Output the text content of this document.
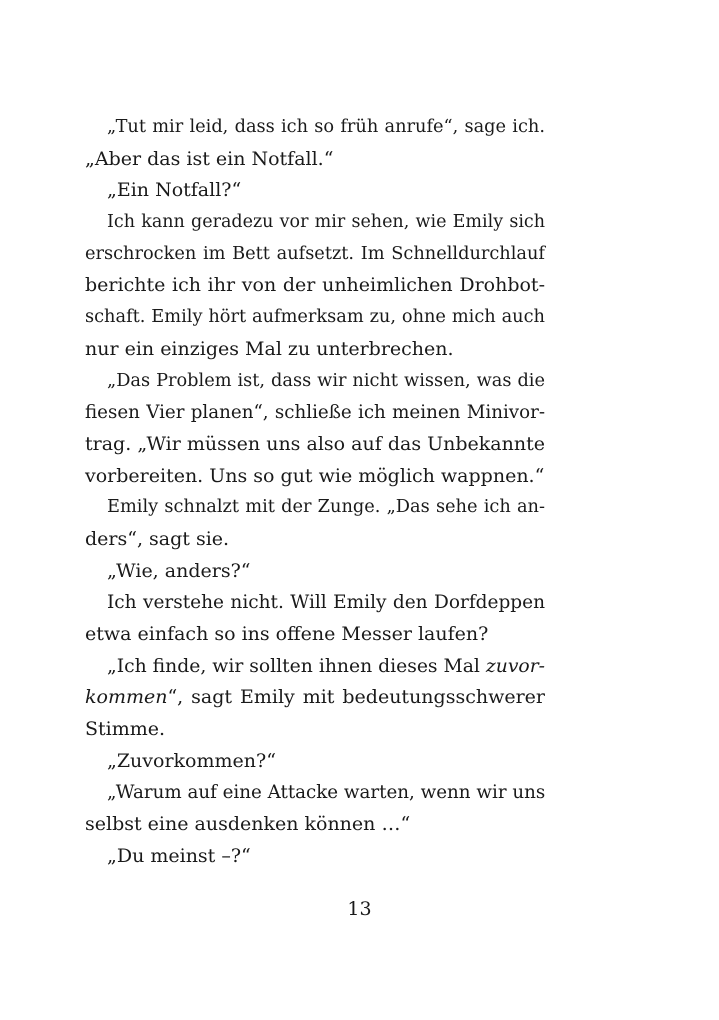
„Tut mir leid, dass ich so früh anrufe“, sage ich.
„Aber das ist ein Notfall.“
„Ein Notfall?“
Ich kann geradezu vor mir sehen, wie Emily sich
erschrocken im Bett aufsetzt. Im Schnelldurchlauf
berichte ich ihr von der unheimlichen Drohbot-
schaft. Emily hört aufmerksam zu, ohne mich auch
nur ein einziges Mal zu unterbrechen.
„Das Problem ist, dass wir nicht wissen, was die
fiesen Vier planen“, schließe ich meinen Minivor-
trag. „Wir müssen uns also auf das Unbekannte
vorbereiten. Uns so gut wie möglich wappnen.“
Emily schnalzt mit der Zunge. „Das sehe ich an-
ders“, sagt sie.
„Wie, anders?“
Ich verstehe nicht. Will Emily den Dorfdeppen
etwa einfach so ins offene Messer laufen?
„Ich finde, wir sollten ihnen dieses Mal zuvor-
kommen“, sagt Emily mit bedeutungsschwerer
Stimme.
„Zuvorkommen?“
„Warum auf eine Attacke warten, wenn wir uns
selbst eine ausdenken können …“
„Du meinst –?“
13
